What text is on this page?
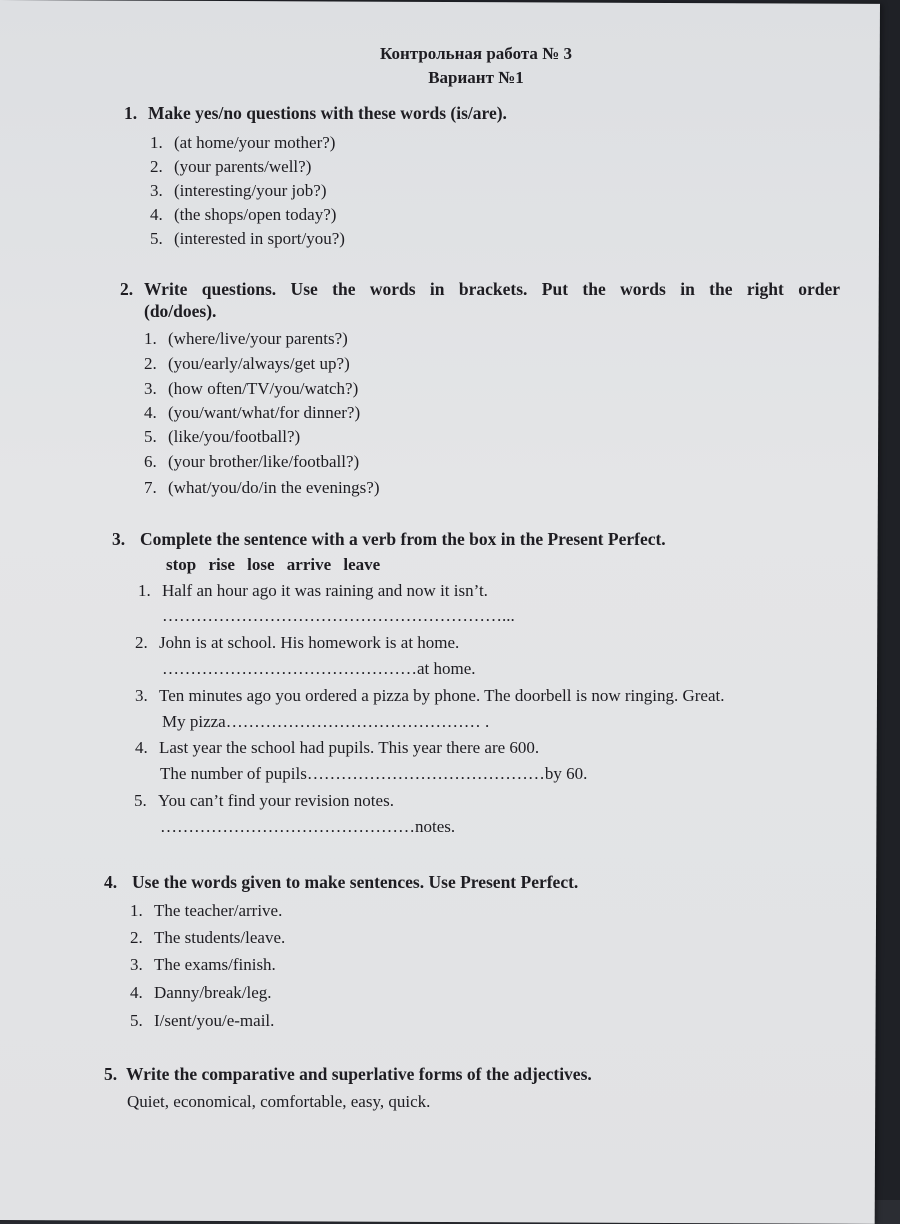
Контрольная работа № 3
Вариант №1
1. Make yes/no questions with these words (is/are).
1. (at home/your mother?)
2. (your parents/well?)
3. (interesting/your job?)
4. (the shops/open today?)
5. (interested in sport/you?)
2. Write questions. Use the words in brackets. Put the words in the right order
(do/does).
1. (where/live/your parents?)
2. (you/early/always/get up?)
3. (how often/TV/you/watch?)
4. (you/want/what/for dinner?)
5. (like/you/football?)
6. (your brother/like/football?)
7. (what/you/do/in the evenings?)
3. Complete the sentence with a verb from the box in the Present Perfect.
stop rise lose arrive leave
1. Half an hour ago it was raining and now it isn’t.
……………………………………………………...
2. John is at school. His homework is at home.
………………………………………at home.
3. Ten minutes ago you ordered a pizza by phone. The doorbell is now ringing. Great.
My pizza……………………………………… .
4. Last year the school had pupils. This year there are 600.
The number of pupils……………………………………by 60.
5. You can’t find your revision notes.
………………………………………notes.
4. Use the words given to make sentences. Use Present Perfect.
1. The teacher/arrive.
2. The students/leave.
3. The exams/finish.
4. Danny/break/leg.
5. I/sent/you/e-mail.
5. Write the comparative and superlative forms of the adjectives.
Quiet, economical, comfortable, easy, quick.
